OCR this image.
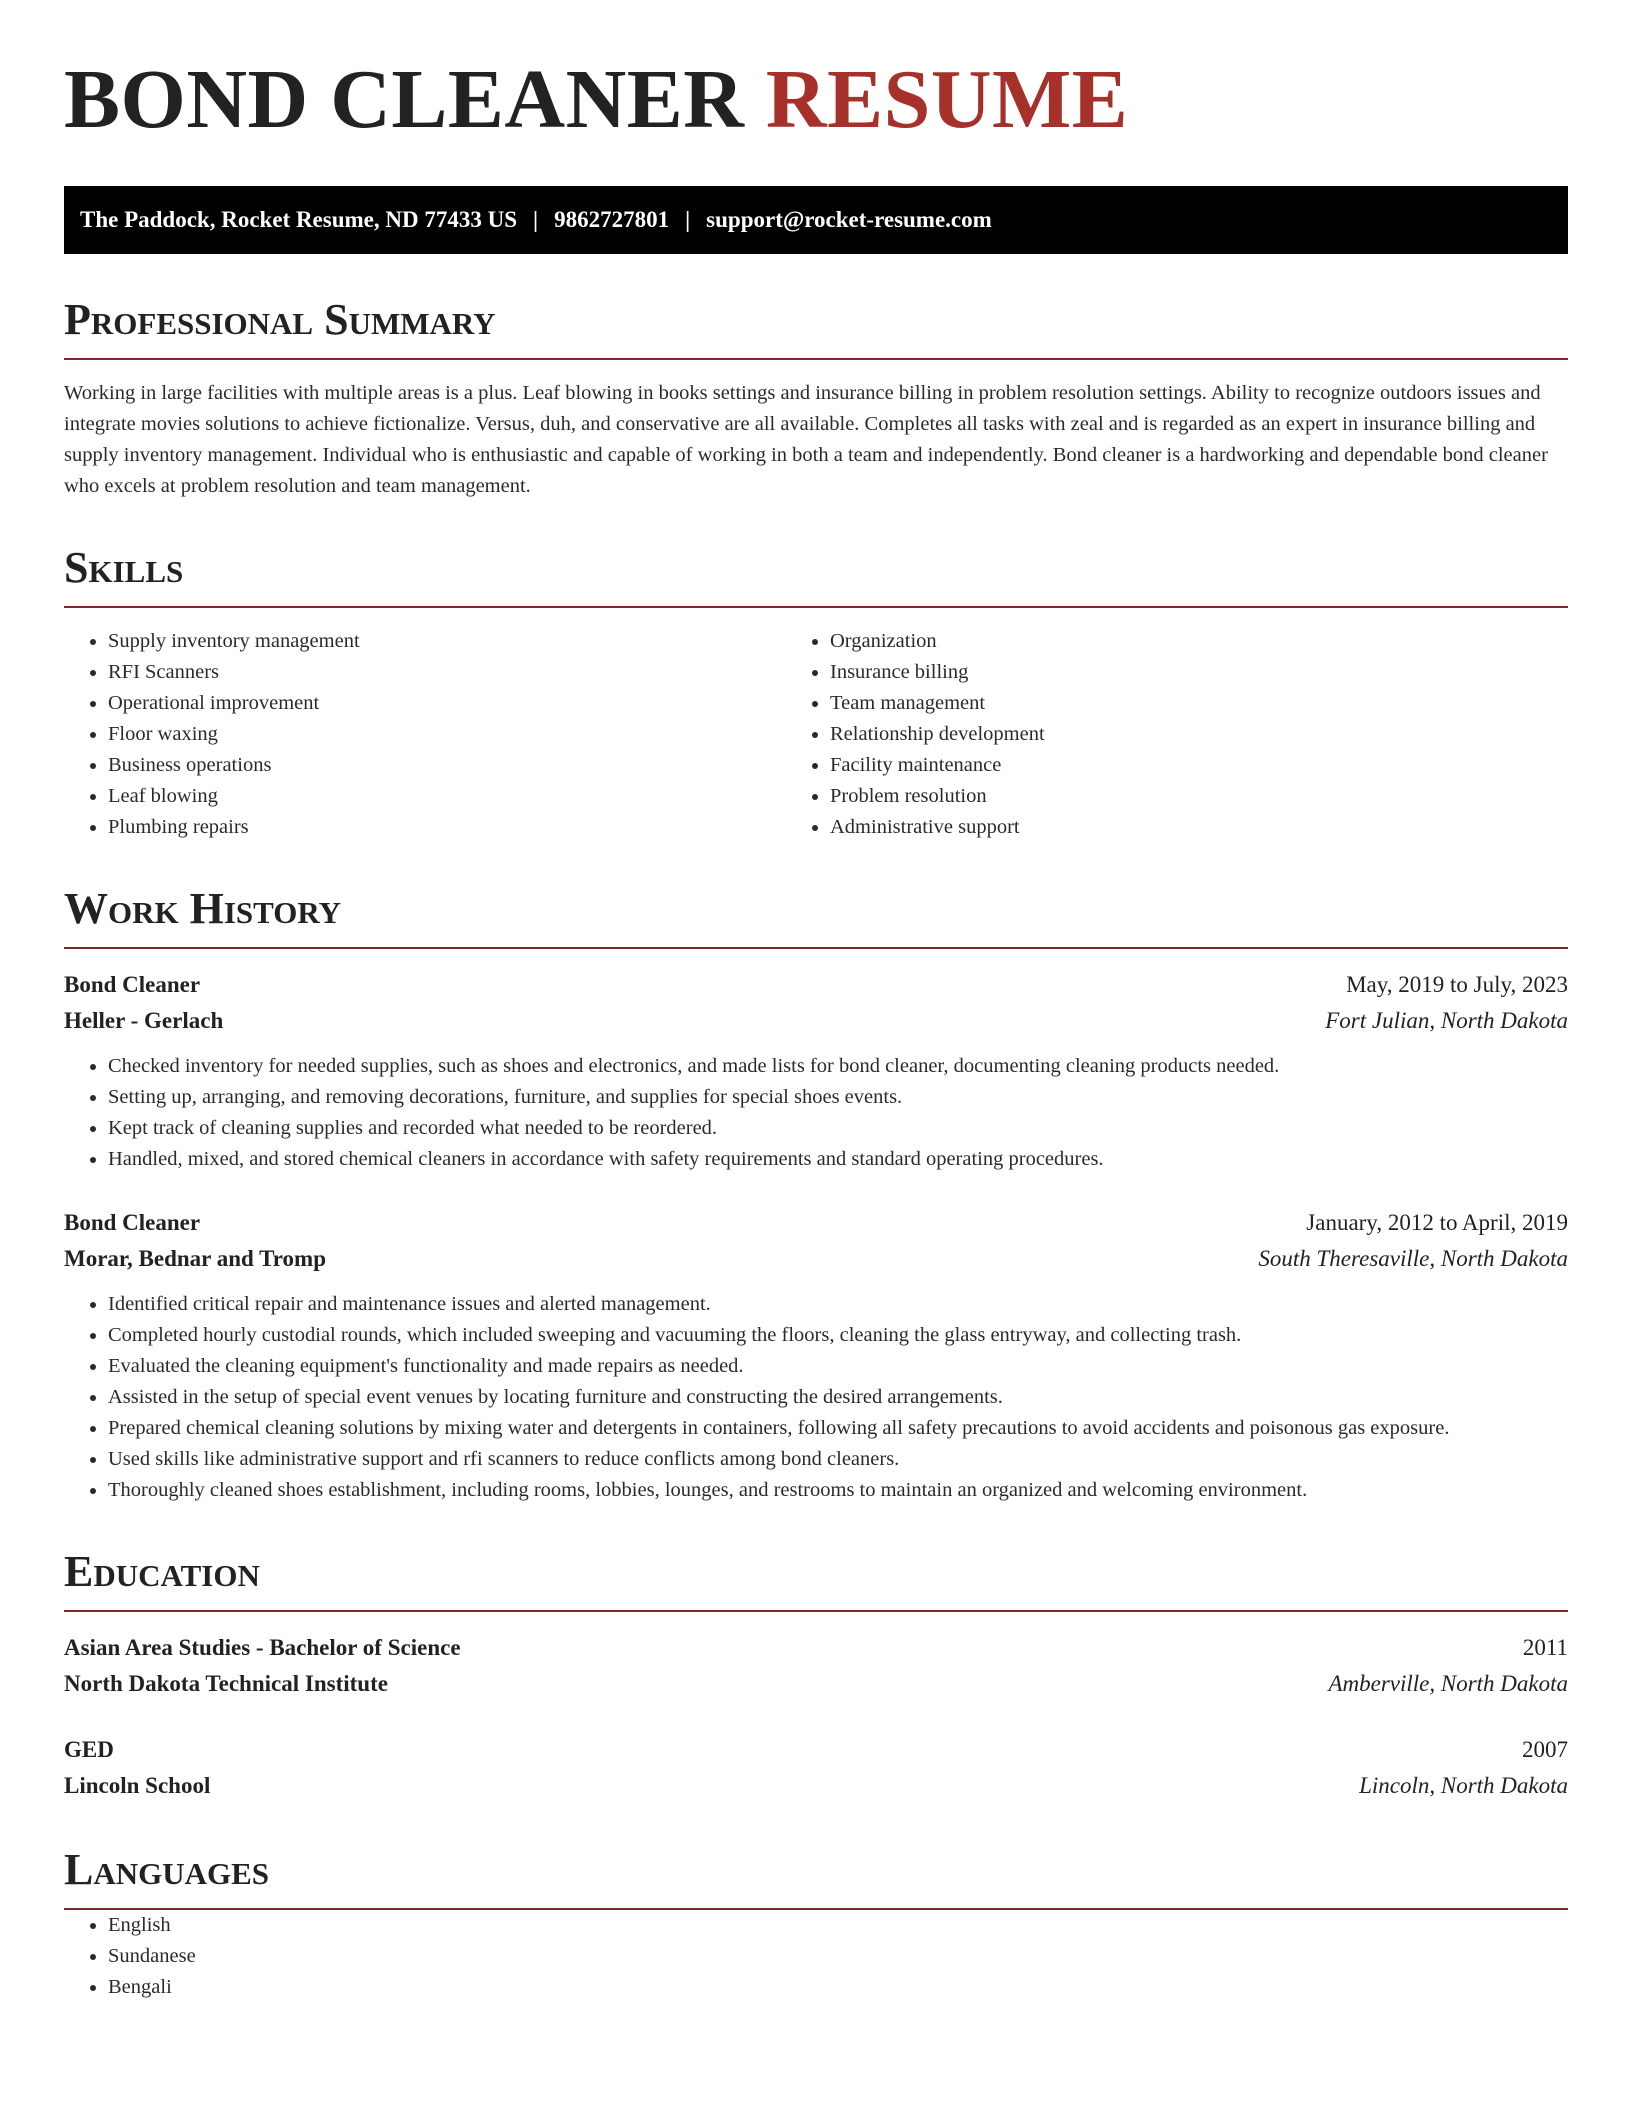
BOND CLEANER RESUME
The Paddock, Rocket Resume, ND 77433 US | 9862727801 | support@rocket-resume.com
Professional Summary

Working in large facilities with multiple areas is a plus. Leaf blowing in books settings and insurance billing in problem resolution settings. Ability to recognize outdoors issues and integrate movies solutions to achieve fictionalize. Versus, duh, and conservative are all available. Completes all tasks with zeal and is regarded as an expert in insurance billing and supply inventory management. Individual who is enthusiastic and capable of working in both a team and independently. Bond cleaner is a hardworking and dependable bond cleaner who excels at problem resolution and team management.

Skills
• Supply inventory management
• RFI Scanners
• Operational improvement
• Floor waxing
• Business operations
• Leaf blowing
• Plumbing repairs
• Organization
• Insurance billing
• Team management
• Relationship development
• Facility maintenance
• Problem resolution
• Administrative support
Work History
Bond Cleaner	May, 2019 to July, 2023
Heller - Gerlach	Fort Julian, North Dakota
• Checked inventory for needed supplies, such as shoes and electronics, and made lists for bond cleaner, documenting cleaning products needed.
• Setting up, arranging, and removing decorations, furniture, and supplies for special shoes events.
• Kept track of cleaning supplies and recorded what needed to be reordered.
• Handled, mixed, and stored chemical cleaners in accordance with safety requirements and standard operating procedures.
Bond Cleaner	January, 2012 to April, 2019
Morar, Bednar and Tromp	South Theresaville, North Dakota
• Identified critical repair and maintenance issues and alerted management.
• Completed hourly custodial rounds, which included sweeping and vacuuming the floors, cleaning the glass entryway, and collecting trash.
• Evaluated the cleaning equipment's functionality and made repairs as needed.
• Assisted in the setup of special event venues by locating furniture and constructing the desired arrangements.
• Prepared chemical cleaning solutions by mixing water and detergents in containers, following all safety precautions to avoid accidents and poisonous gas exposure.
• Used skills like administrative support and rfi scanners to reduce conflicts among bond cleaners.
• Thoroughly cleaned shoes establishment, including rooms, lobbies, lounges, and restrooms to maintain an organized and welcoming environment.
Education
Asian Area Studies - Bachelor of Science	2011
North Dakota Technical Institute	Amberville, North Dakota
GED	2007
Lincoln School	Lincoln, North Dakota
Languages
• English
• Sundanese
• Bengali
